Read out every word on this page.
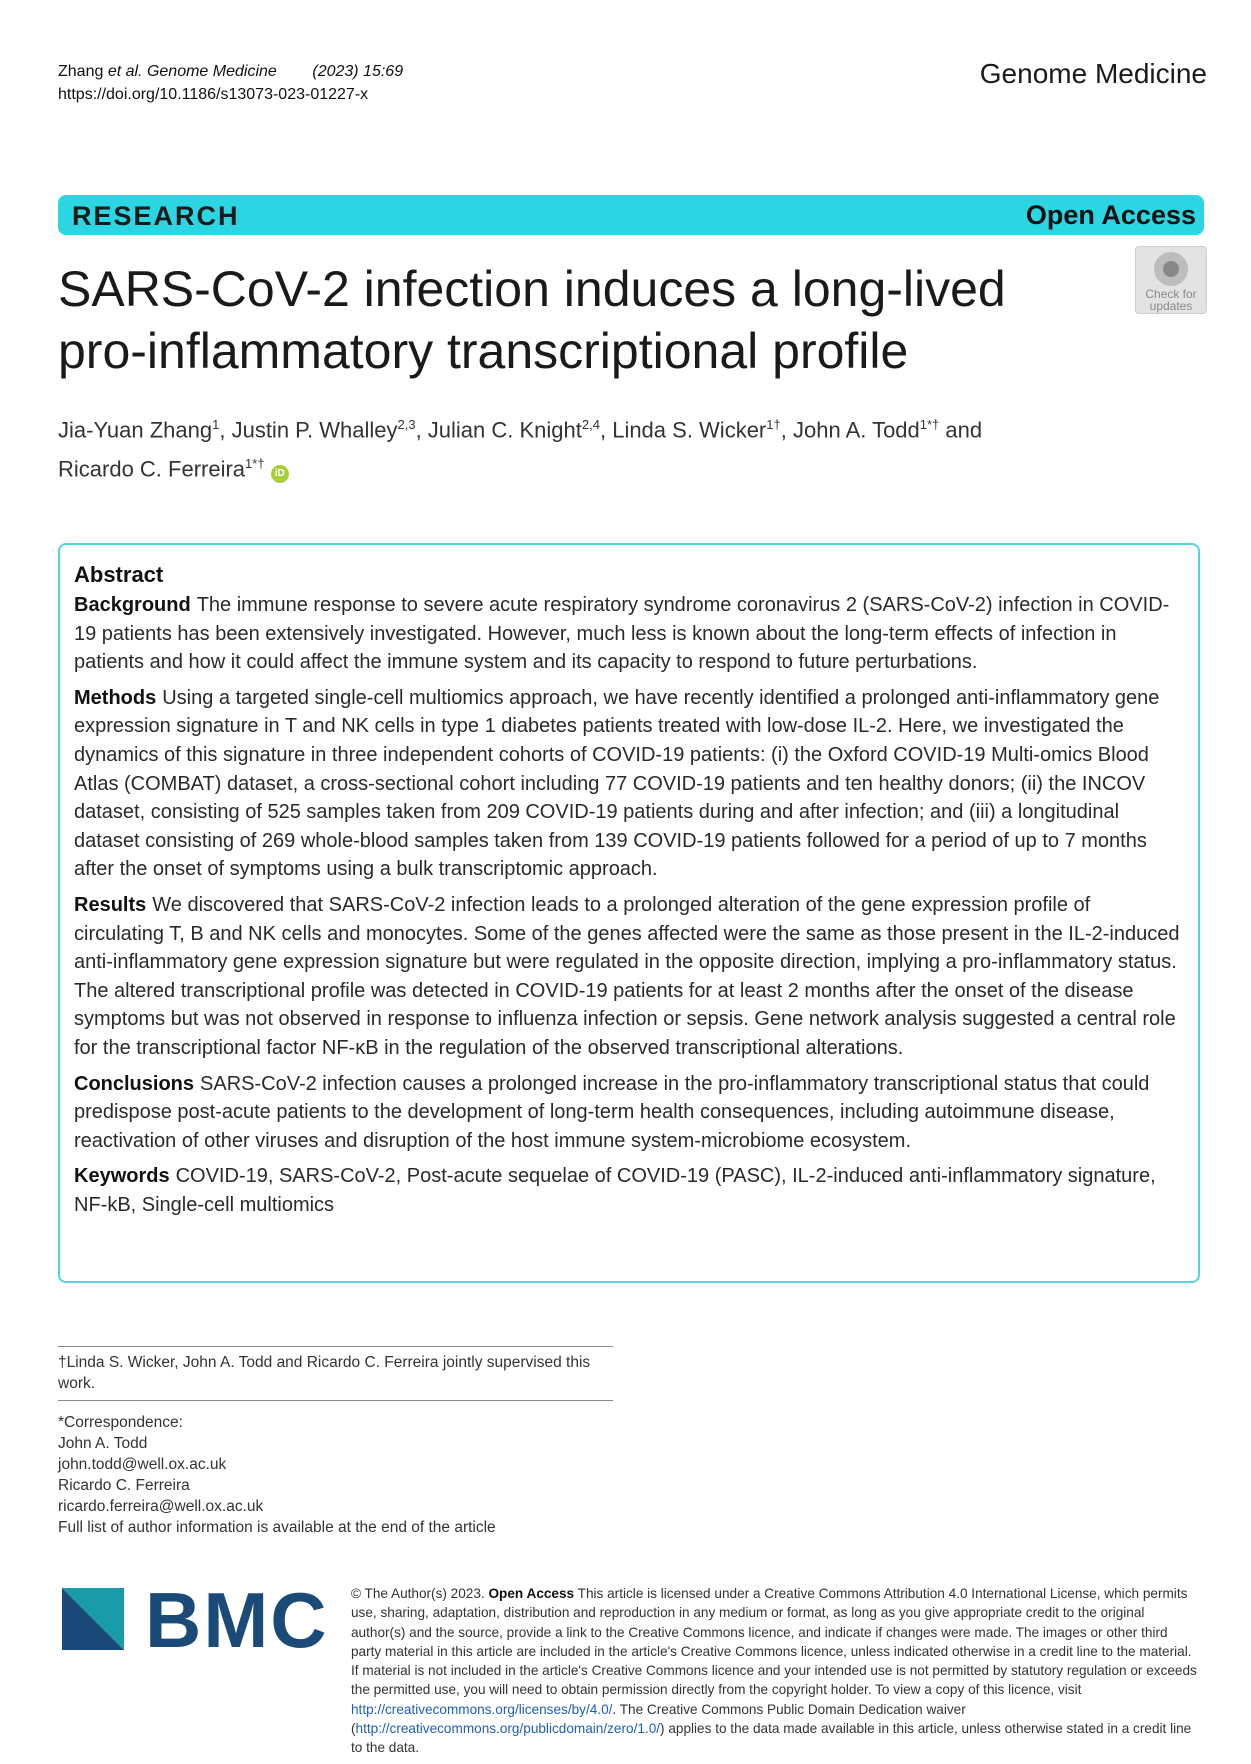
Zhang et al. Genome Medicine (2023) 15:69
https://doi.org/10.1186/s13073-023-01227-x
Genome Medicine
RESEARCH	Open Access
SARS-CoV-2 infection induces a long-lived pro-inflammatory transcriptional profile
Check for
updates
Jia-Yuan Zhang$^1$, Justin P. Whalley$^{2,3}$, Julian C. Knight$^{2,4}$, Linda S. Wicker$^{1\dagger}$, John A. Todd$^{1*\dagger}$ and
Ricardo C. Ferreira$^{1*\dagger}$ iD
Abstract

Background The immune response to severe acute respiratory syndrome coronavirus 2 (SARS-CoV-2) infection in COVID-19 patients has been extensively investigated. However, much less is known about the long-term effects of infection in patients and how it could affect the immune system and its capacity to respond to future perturbations.

Methods Using a targeted single-cell multiomics approach, we have recently identified a prolonged anti-inflammatory gene expression signature in T and NK cells in type 1 diabetes patients treated with low-dose IL-2. Here, we investigated the dynamics of this signature in three independent cohorts of COVID-19 patients: (i) the Oxford COVID-19 Multi-omics Blood Atlas (COMBAT) dataset, a cross-sectional cohort including 77 COVID-19 patients and ten healthy donors; (ii) the INCOV dataset, consisting of 525 samples taken from 209 COVID-19 patients during and after infection; and (iii) a longitudinal dataset consisting of 269 whole-blood samples taken from 139 COVID-19 patients followed for a period of up to 7 months after the onset of symptoms using a bulk transcriptomic approach.

Results We discovered that SARS-CoV-2 infection leads to a prolonged alteration of the gene expression profile of circulating T, B and NK cells and monocytes. Some of the genes affected were the same as those present in the IL-2-induced anti-inflammatory gene expression signature but were regulated in the opposite direction, implying a pro-inflammatory status. The altered transcriptional profile was detected in COVID-19 patients for at least 2 months after the onset of the disease symptoms but was not observed in response to influenza infection or sepsis. Gene network analysis suggested a central role for the transcriptional factor NF-κB in the regulation of the observed transcriptional alterations.

Conclusions SARS-CoV-2 infection causes a prolonged increase in the pro-inflammatory transcriptional status that could predispose post-acute patients to the development of long-term health consequences, including autoimmune disease, reactivation of other viruses and disruption of the host immune system-microbiome ecosystem.

Keywords COVID-19, SARS-CoV-2, Post-acute sequelae of COVID-19 (PASC), IL-2-induced anti-inflammatory signature, NF-kB, Single-cell multiomics

†Linda S. Wicker, John A. Todd and Ricardo C. Ferreira jointly supervised this work.
*Correspondence:
John A. Todd
john.todd@well.ox.ac.uk
Ricardo C. Ferreira
ricardo.ferreira@well.ox.ac.uk
Full list of author information is available at the end of the article
BMC © The Author(s) 2023. Open Access This article is licensed under a Creative Commons Attribution 4.0 International License, which permits use, sharing, adaptation, distribution and reproduction in any medium or format, as long as you give appropriate credit to the original author(s) and the source, provide a link to the Creative Commons licence, and indicate if changes were made. The images or other third party material in this article are included in the article's Creative Commons licence, unless indicated otherwise in a credit line to the material. If material is not included in the article's Creative Commons licence and your intended use is not permitted by statutory regulation or exceeds the permitted use, you will need to obtain permission directly from the copyright holder. To view a copy of this licence, visit http://creativecommons.org/licenses/by/4.0/. The Creative Commons Public Domain Dedication waiver (http://creativecommons.org/publicdomain/zero/1.0/) applies to the data made available in this article, unless otherwise stated in a credit line to the data.
